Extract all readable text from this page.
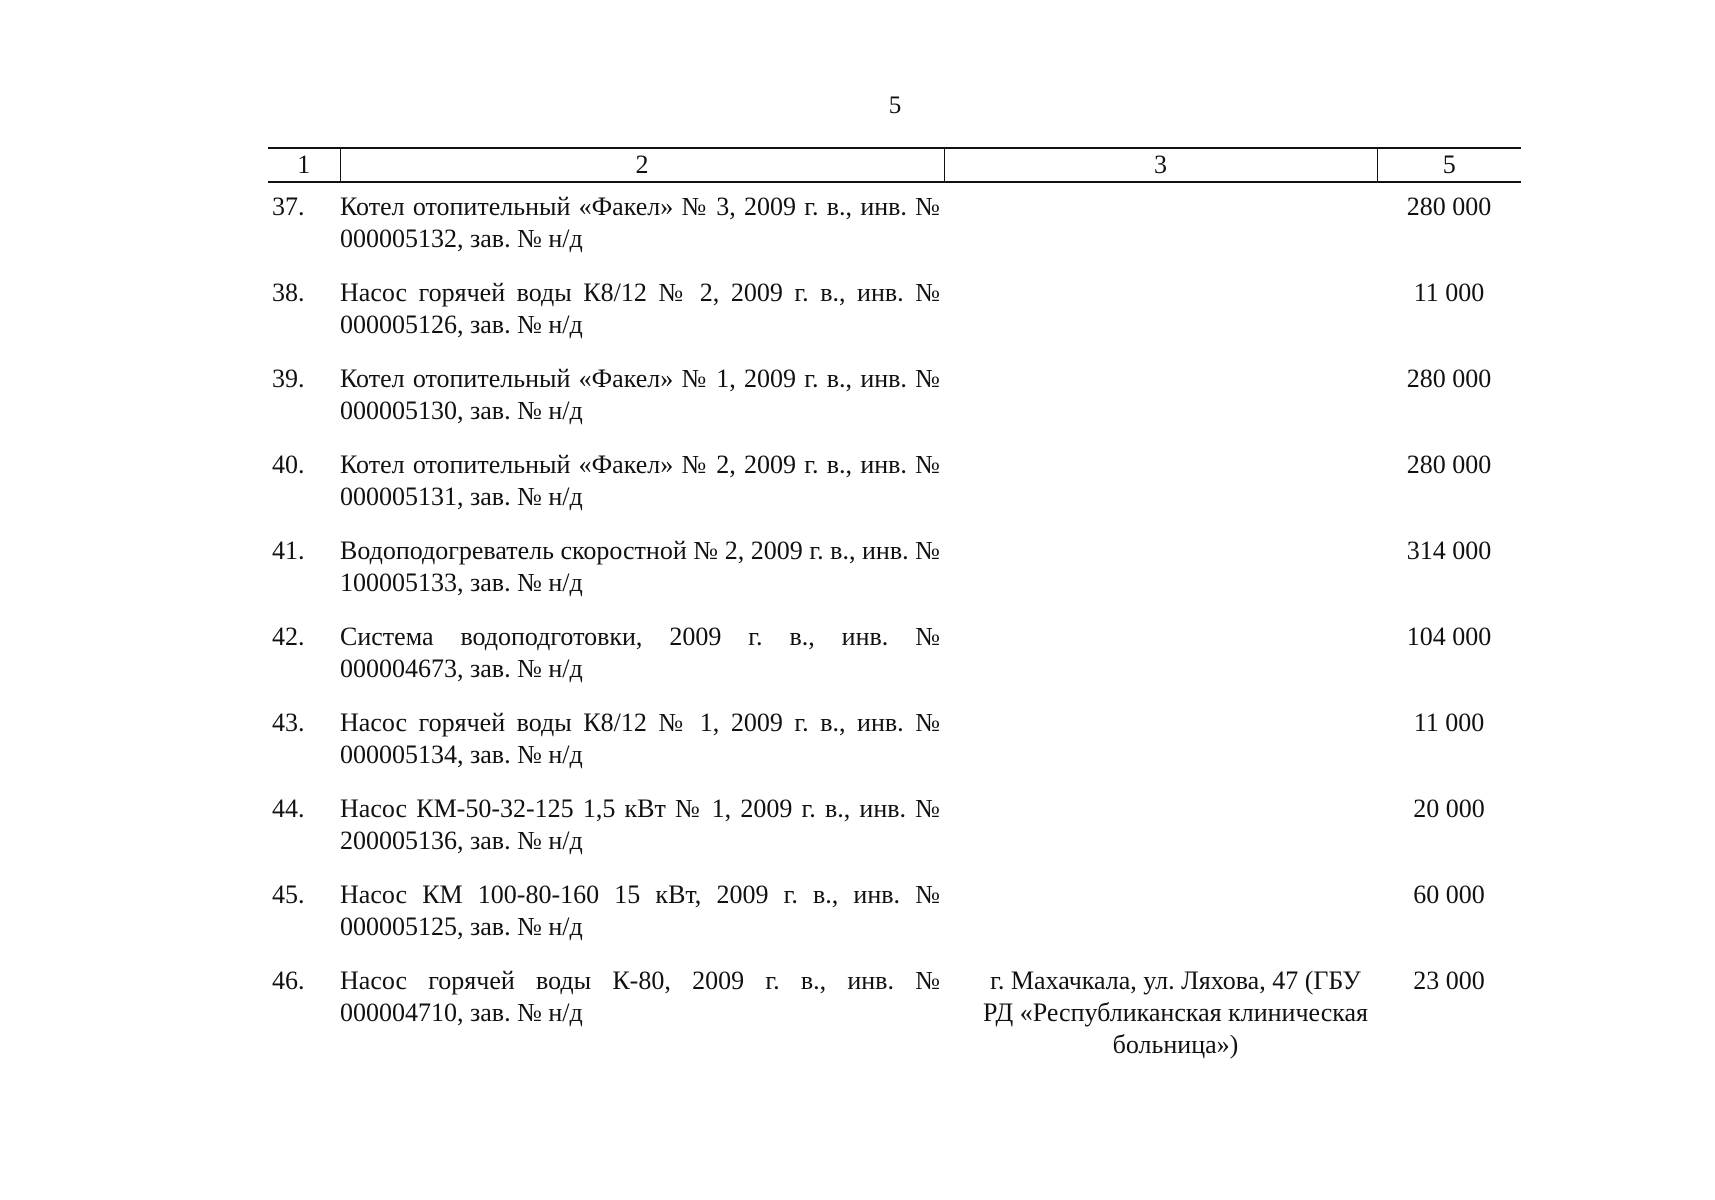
5
1	2	3	5
37.	Котел отопительный «Факел» № 3, 2009 г. в., инв. № 000005132, зав. № н/д		280 000
38.	Насос горячей воды К8/12 № 2, 2009 г. в., инв. № 000005126, зав. № н/д		11 000
39.	Котел отопительный «Факел» № 1, 2009 г. в., инв. № 000005130, зав. № н/д		280 000
40.	Котел отопительный «Факел» № 2, 2009 г. в., инв. № 000005131, зав. № н/д		280 000
41.	Водоподогреватель скоростной № 2, 2009 г. в., инв. № 100005133, зав. № н/д		314 000
42.	Система водоподготовки, 2009 г. в., инв. № 000004673, зав. № н/д		104 000
43.	Насос горячей воды К8/12 № 1, 2009 г. в., инв. № 000005134, зав. № н/д		11 000
44.	Насос КМ-50-32-125 1,5 кВт № 1, 2009 г. в., инв. № 200005136, зав. № н/д		20 000
45.	Насос КМ 100-80-160 15 кВт, 2009 г. в., инв. № 000005125, зав. № н/д		60 000
46.	Насос горячей воды К-80, 2009 г. в., инв. № 000004710, зав. № н/д	г. Махачкала, ул. Ляхова, 47 (ГБУ РД «Республиканская клиническая больница»)	23 000
